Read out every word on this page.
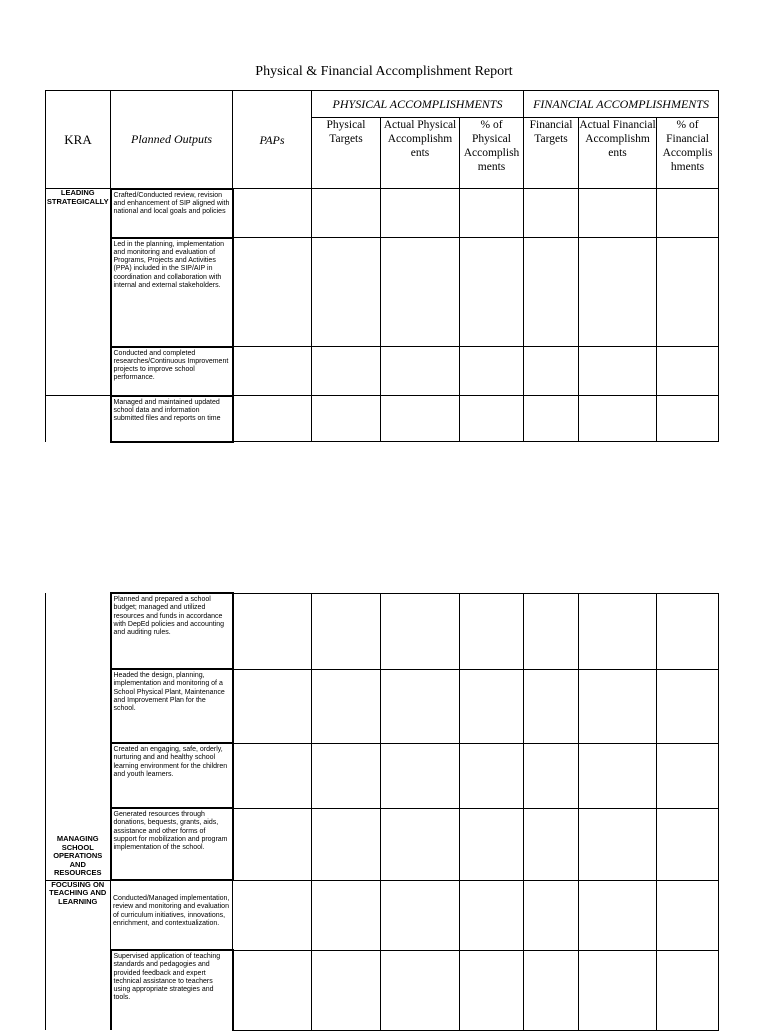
Physical & Financial Accomplishment Report
KRA	Planned Outputs	PAPs	PHYSICAL ACCOMPLISHMENTS			FINANCIAL ACCOMPLISHMENTS		
			Physical Targets	Actual Physical Accomplishm ents	% of Physical Accomplish ments	Financial Targets	Actual Financial Accomplishm ents	% of Financial Accomplis hments
LEADING STRATEGICALLY	Crafted/Conducted review, revision and enhancement of SIP aligned with national and local goals and policies							
	Led in the planning, implementation and monitoring and evaluation of Programs, Projects and Activities (PPA) included in the SIP/AIP in coordination and collaboration with internal and external stakeholders.							
	Conducted and completed researches/Continuous Improvement projects to improve school performance.							
	Managed and maintained updated school data and information submitted files and reports on time							
MANAGING SCHOOL OPERATIONS AND RESOURCES	Planned and prepared a school budget; managed and utilized resources and funds in accordance with DepEd policies and accounting and auditing rules.							
	Headed the design, planning, implementation and monitoring of a School Physical Plant, Maintenance and Improvement Plan for the school.							
	Created an engaging, safe, orderly, nurturing and and healthy school learning environment for the children and youth learners.							
	Generated resources through donations, bequests, grants, aids, assistance and other forms of support for mobilization and program implementation of the school.							
FOCUSING ON TEACHING AND LEARNING	Conducted/Managed implementation, review and monitoring and evaluation of curriculum initiatives, innovations, enrichment, and contextualization.							
	Supervised application of teaching standards and pedagogies and provided feedback and expert technical assistance to teachers using appropriate strategies and tools.							
